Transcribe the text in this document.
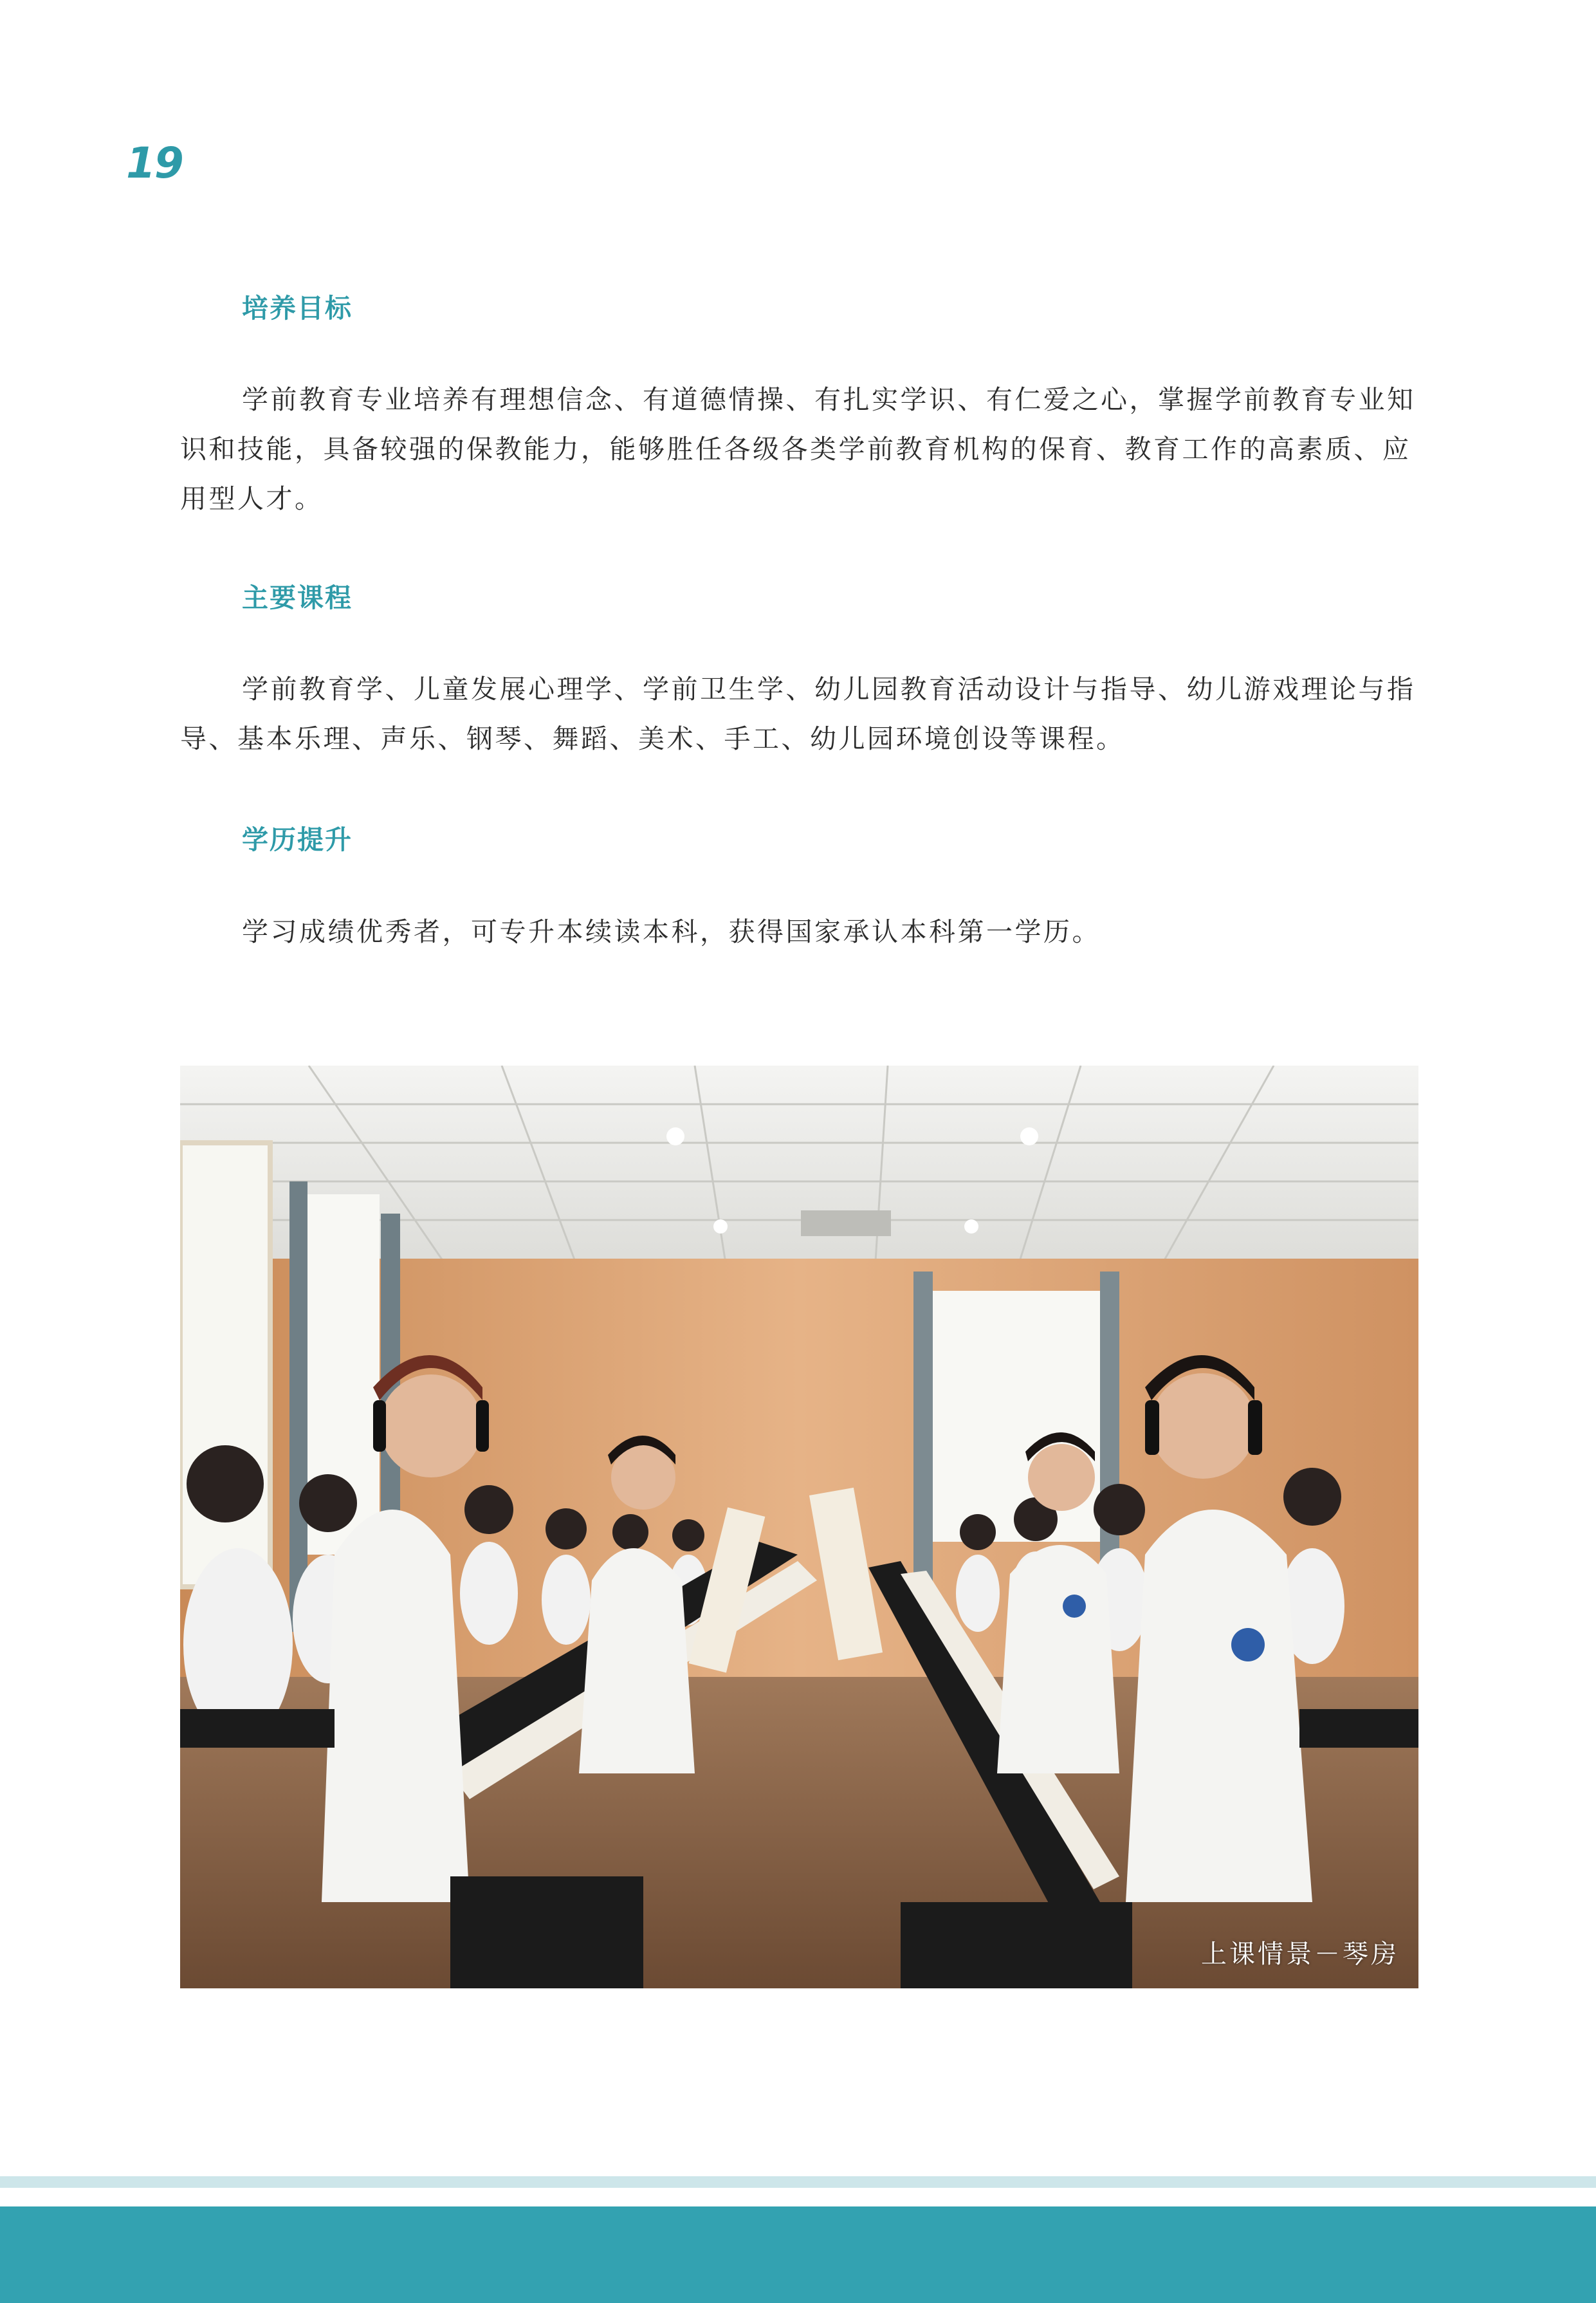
19
培养目标

学前教育专业培养有理想信念、有道德情操、有扎实学识、有仁爱之心，掌握学前教育专业知识和技能，具备较强的保教能力，能够胜任各级各类学前教育机构的保育、教育工作的高素质、应用型人才。

主要课程

学前教育学、儿童发展心理学、学前卫生学、幼儿园教育活动设计与指导、幼儿游戏理论与指导、基本乐理、声乐、钢琴、舞蹈、美术、手工、幼儿园环境创设等课程。

学历提升

学习成绩优秀者，可专升本续读本科，获得国家承认本科第一学历。

上课情景－琴房
